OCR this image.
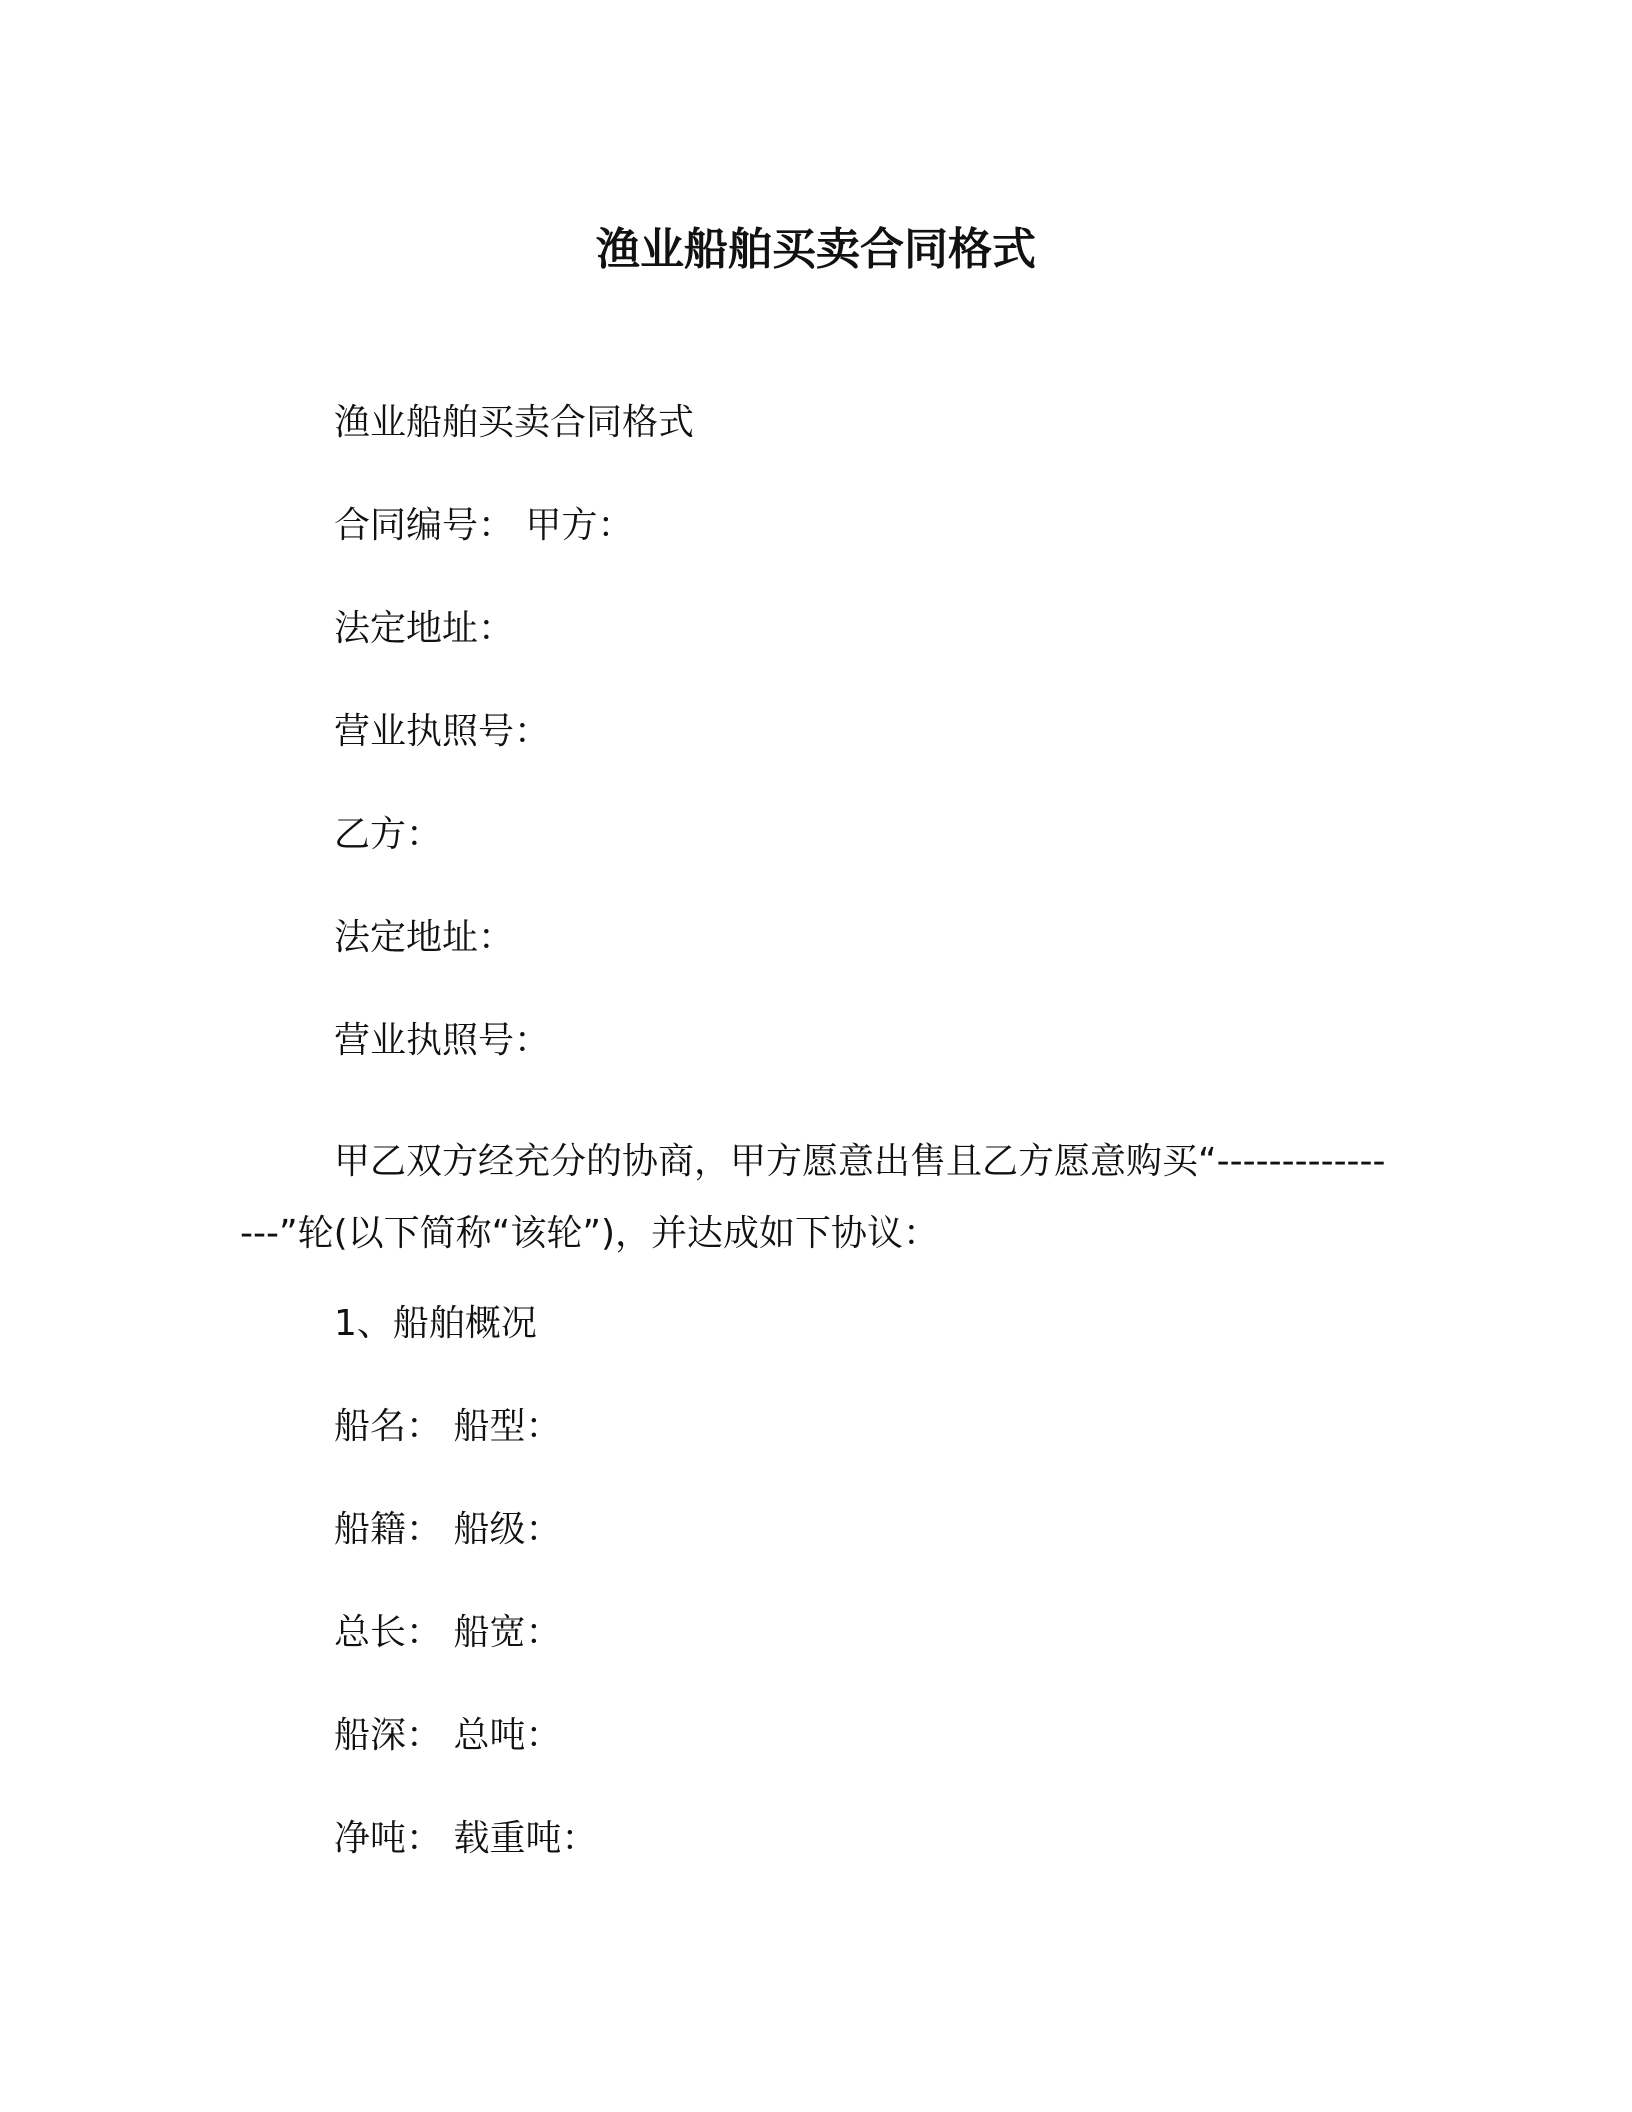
渔业船舶买卖合同格式
渔业船舶买卖合同格式
合同编号： 甲方：
法定地址：
营业执照号：
乙方：
法定地址：
营业执照号：
甲乙双方经充分的协商，甲方愿意出售且乙方愿意购买“----------------”轮(以下简称“该轮”)，并达成如下协议：
1、船舶概况
船名： 船型：
船籍： 船级：
总长： 船宽：
船深： 总吨：
净吨： 载重吨：
